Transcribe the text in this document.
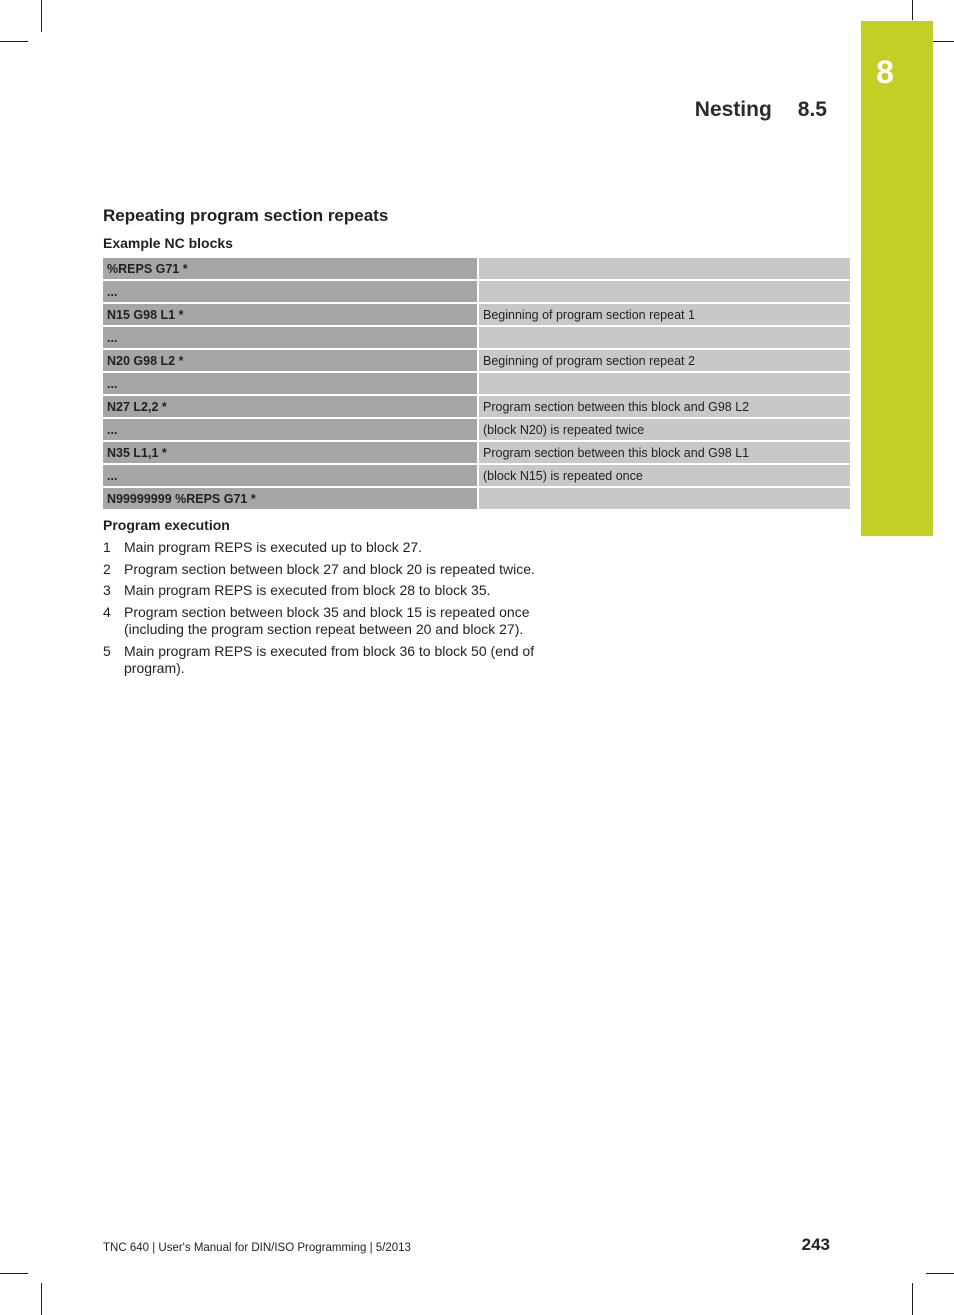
8
Nesting 8.5
Repeating program section repeats
Example NC blocks
%REPS G71 *	
...	
N15 G98 L1 *	Beginning of program section repeat 1
...	
N20 G98 L2 *	Beginning of program section repeat 2
...	
N27 L2,2 *	Program section between this block and G98 L2
...	(block N20) is repeated twice
N35 L1,1 *	Program section between this block and G98 L1
...	(block N15) is repeated once
N99999999 %REPS G71 *	
Program execution
1 Main program REPS is executed up to block 27.
2 Program section between block 27 and block 20 is repeated twice.
3 Main program REPS is executed from block 28 to block 35.
4 Program section between block 35 and block 15 is repeated once (including the program section repeat between 20 and block 27).
5 Main program REPS is executed from block 36 to block 50 (end of program).
TNC 640 | User's Manual for DIN/ISO Programming | 5/2013	243
